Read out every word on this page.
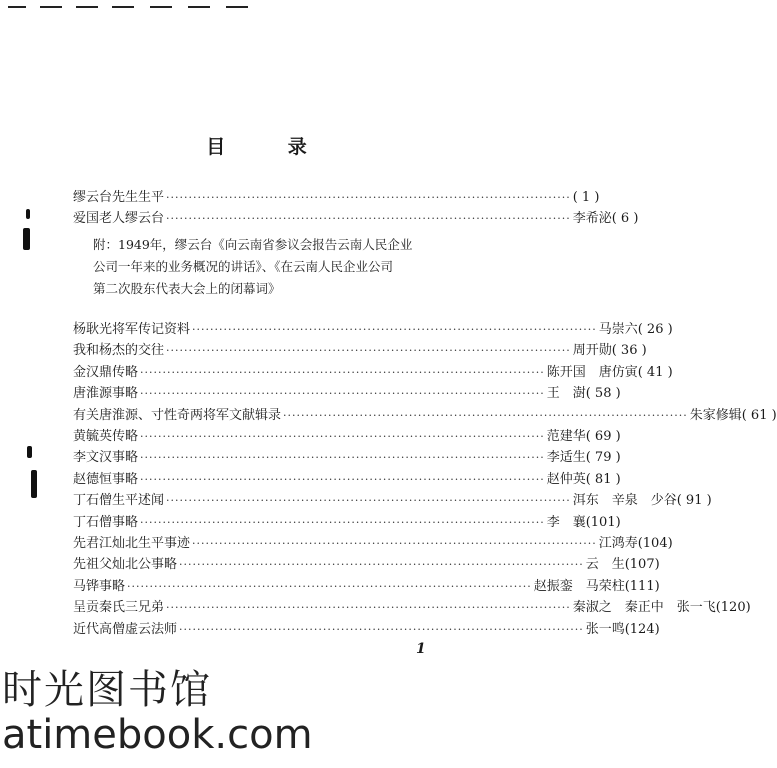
目 录
缪云台先生生平 ·························································································· ( 1 )
爱国老人缪云台 ·························································································· 李希泌( 6 )
附：1949年，缪云台《向云南省参议会报告云南人民企业
公司一年来的业务概况的讲话》、《在云南人民企业公司
第二次股东代表大会上的闭幕词》
杨耿光将军传记资料 ·························································································· 马崇六( 26 )
我和杨杰的交往 ·························································································· 周开勋( 36 )
金汉鼎传略 ·························································································· 陈开国　唐仿寅( 41 )
唐淮源事略 ·························································································· 王　澍( 58 )
有关唐淮源、寸性奇两将军文献辑录 ·························································································· 朱家修辑( 61 )
黄毓英传略 ·························································································· 范建华( 69 )
李文汉事略 ·························································································· 李适生( 79 )
赵德恒事略 ·························································································· 赵仲英( 81 )
丁石僧生平述闻 ·························································································· 洱东　辛泉　少谷( 91 )
丁石僧事略 ·························································································· 李　襄(101)
先君江灿北生平事迹 ·························································································· 江鸿寿(104)
先祖父灿北公事略 ·························································································· 云　生(107)
马铧事略 ·························································································· 赵振銮　马荣柱(111)
呈贡秦氏三兄弟 ·························································································· 秦淑之　秦正中　张一飞(120)
近代高僧虚云法师 ·························································································· 张一鸣(124)
1
时光图书馆
atimebook.com
